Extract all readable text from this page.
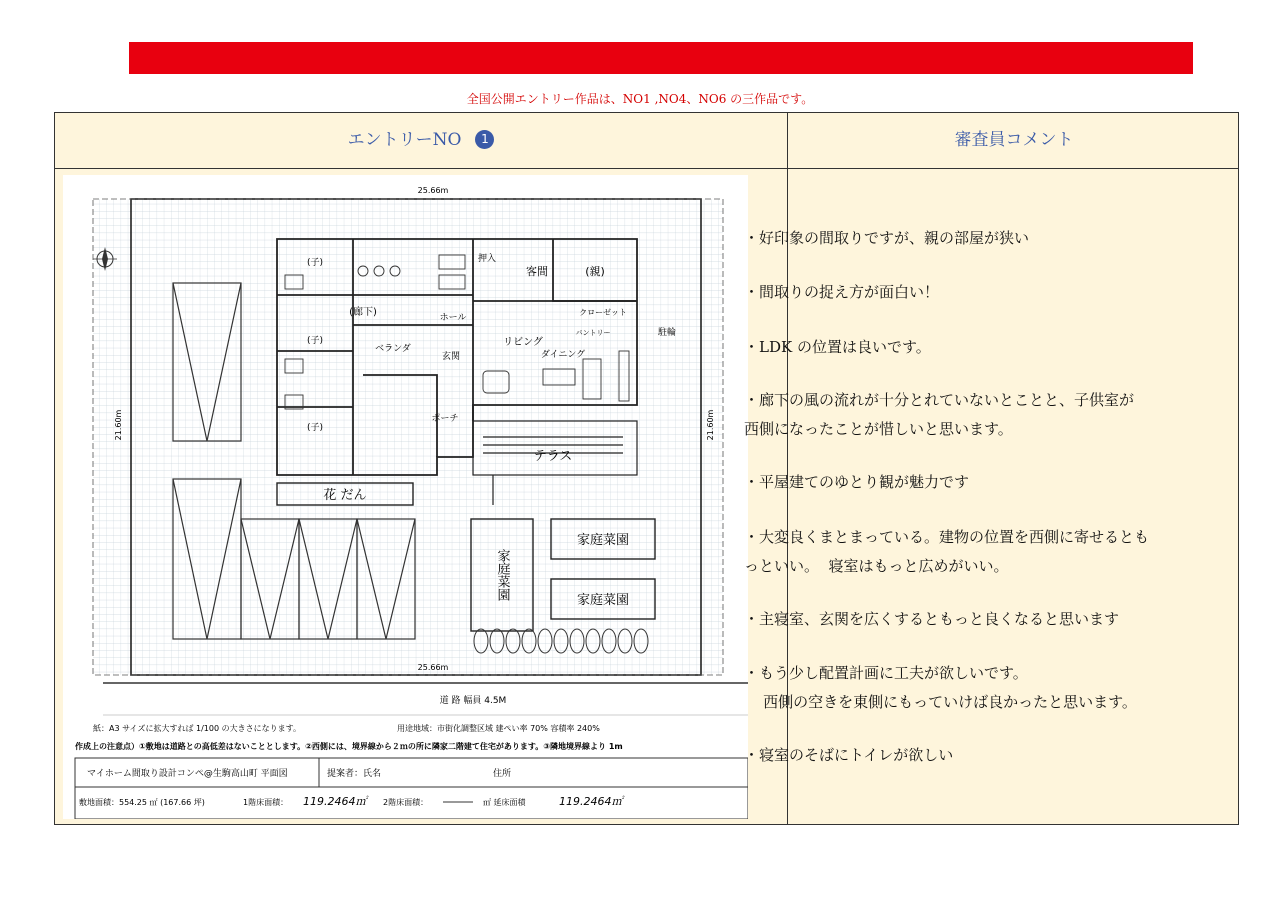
全国公開エントリー作品は、NO1 ,NO4、NO6 の三作品です。
エントリーNO 1	審査員コメント
25.66m
25.66m
21.60m	21.60m
テラス
花 だん
家庭菜園
家庭菜園
家庭菜園
客間
押入
(親)
クローゼット
(廊下)	ホール
リビング
ダイニング
ベランダ
ポーチ
玄関
(子)
(子)
(子)
駐輪
パントリー
道 路 幅員 4.5M
紙：A3 サイズに拡大すれば 1/100 の大きさになります。	用途地域：市街化調整区域 建ぺい率 70% 容積率 240%
作成上の注意点）①敷地は道路との高低差はないこととします。②西側には、境界線から２ｍの所に隣家二階建て住宅があります。③隣地境界線より 1m
マイホーム間取り設計コンペ@生駒高山町 平面図	提案者：氏名	住所
敷地面積：554.25 ㎡ (167.66 坪)	1階床面積： 119.2464㎡ 2階床面積：	㎡ 延床面積	119.2464㎡
・好印象の間取りですが、親の部屋が狭い
・間取りの捉え方が面白い！
・LDK の位置は良いです。
・廊下の風の流れが十分とれていないとことと、子供室が
西側になったことが惜しいと思います。
・平屋建てのゆとり観が魅力です
・大変良くまとまっている。建物の位置を西側に寄せるとも
っといい。  寝室はもっと広めがいい。
・主寝室、玄関を広くするともっと良くなると思います
・もう少し配置計画に工夫が欲しいです。
西側の空きを東側にもっていけば良かったと思います。
・寝室のそばにトイレが欲しい
